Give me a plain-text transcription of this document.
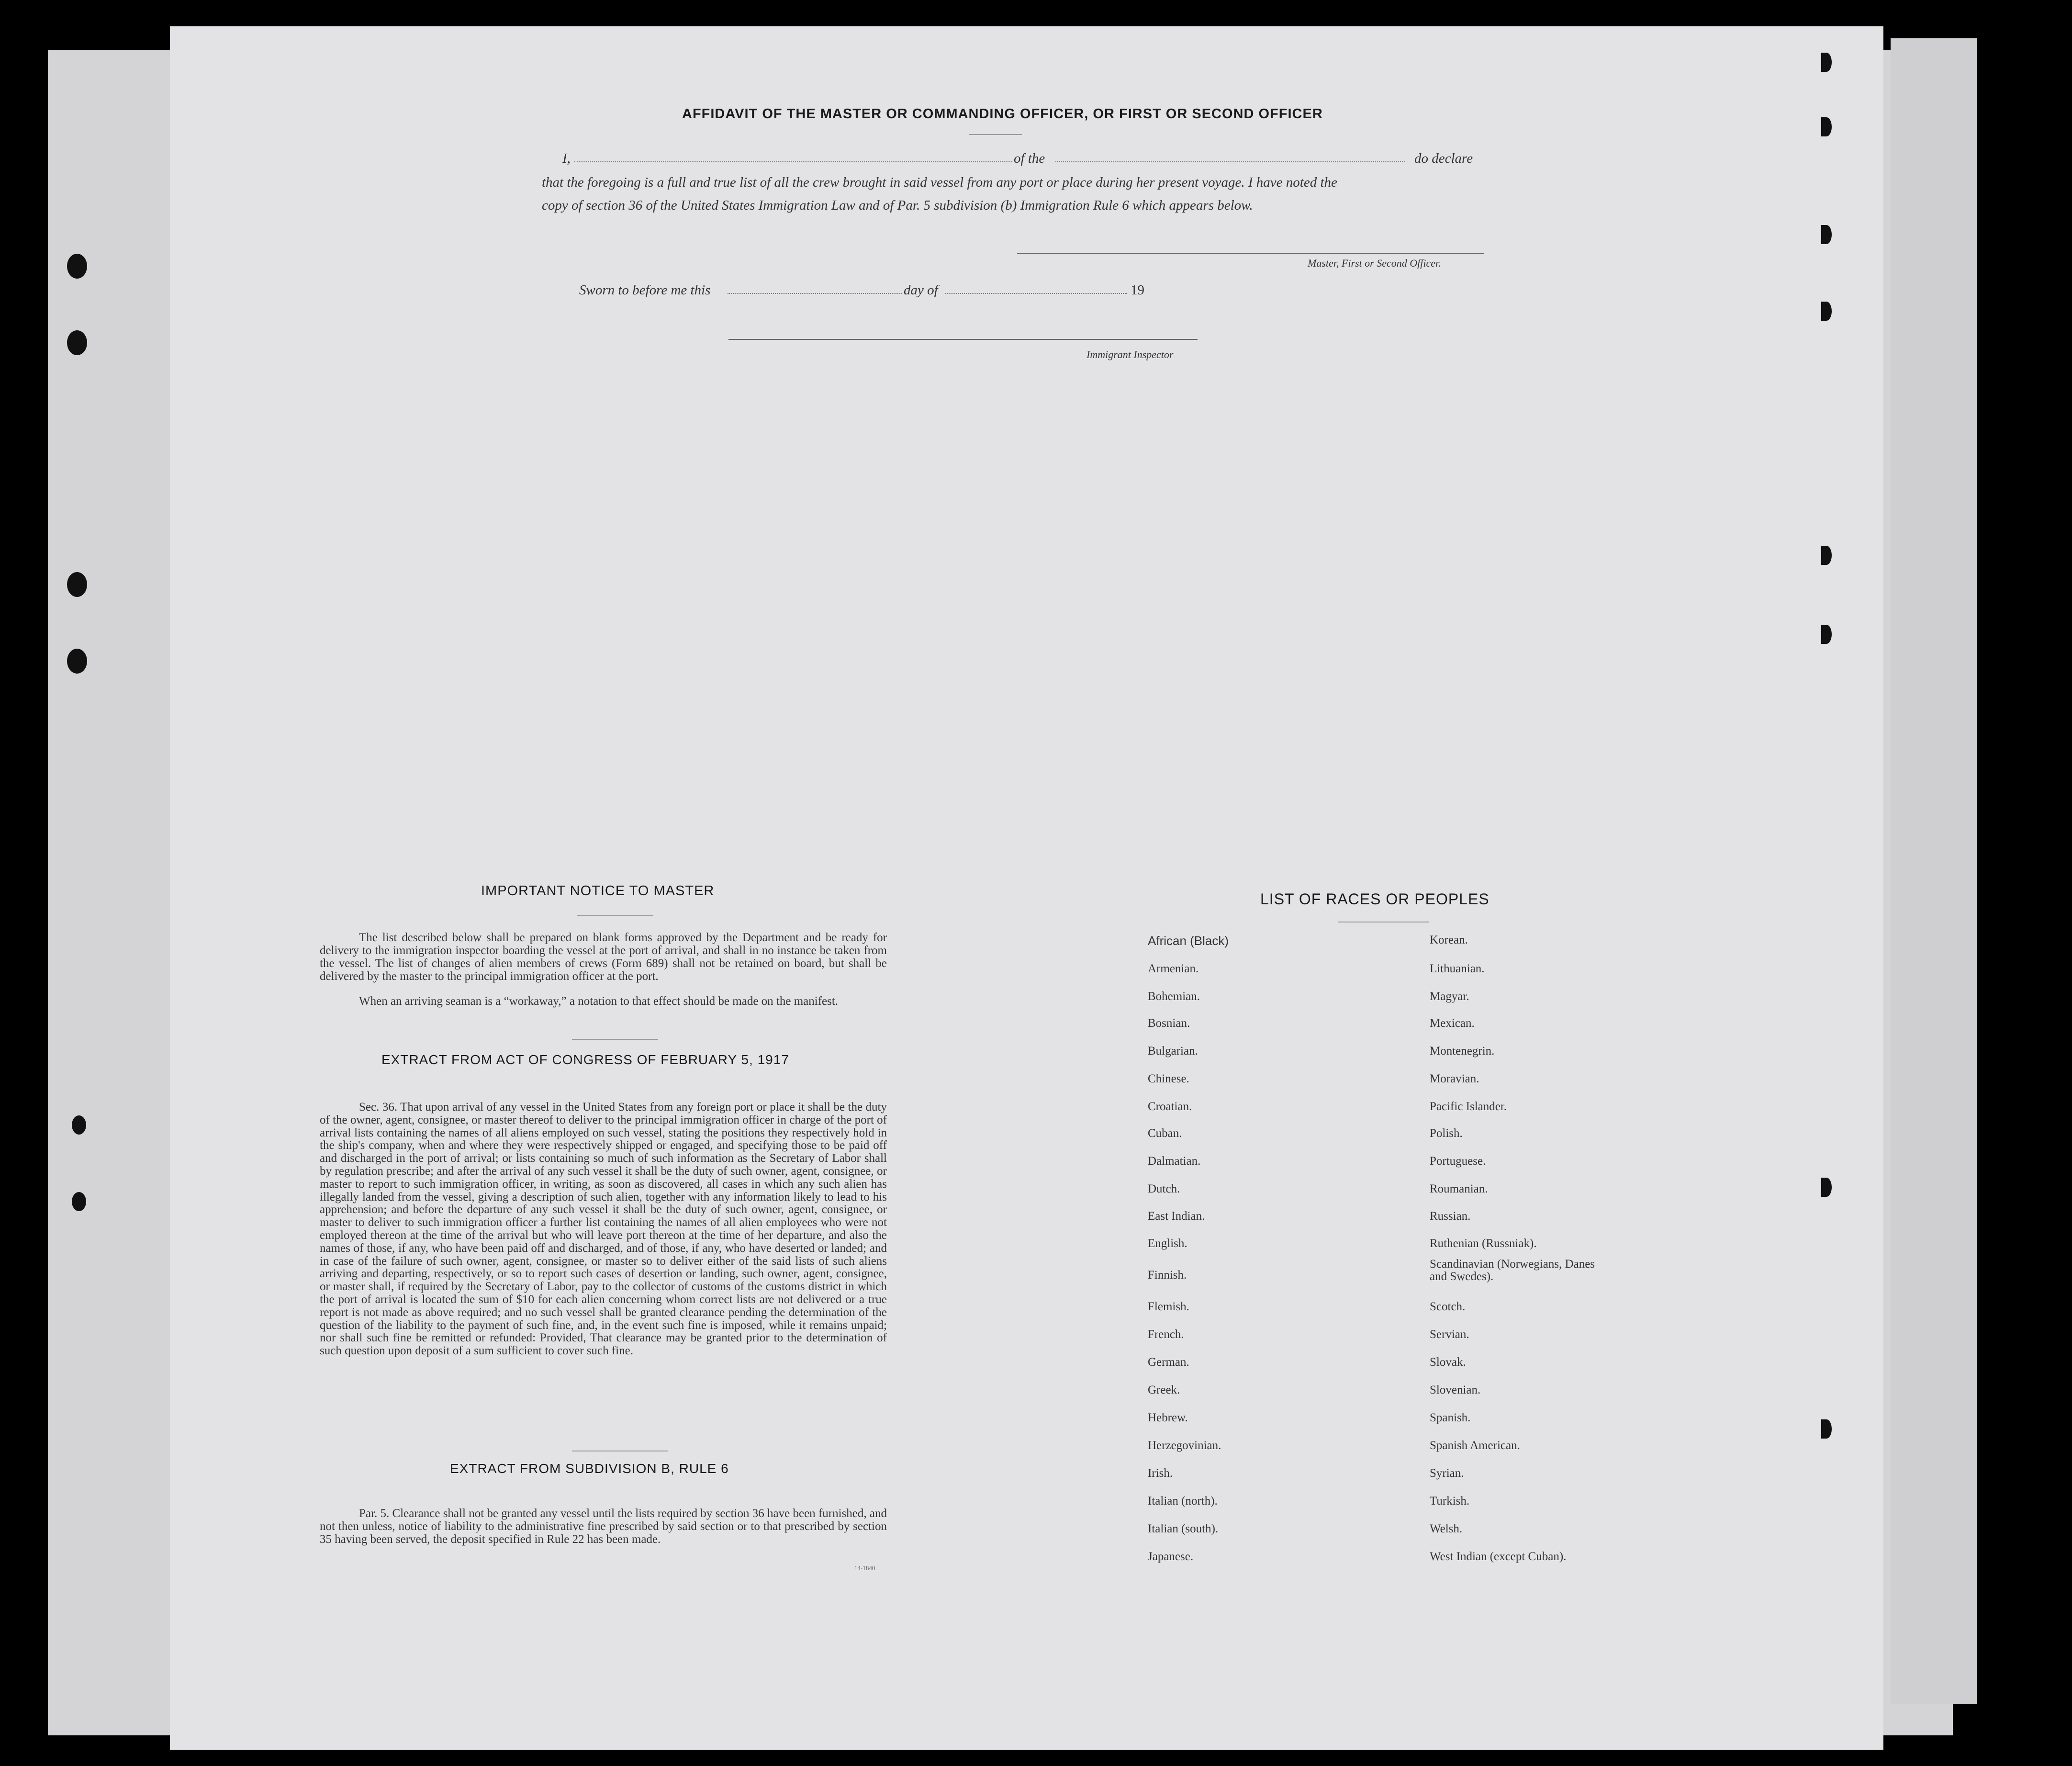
AFFIDAVIT OF THE MASTER OR COMMANDING OFFICER, OR FIRST OR SECOND OFFICER
I,	of the	do declare
that the foregoing is a full and true list of all the crew brought in said vessel from any port or place during her present voyage. I have noted the
copy of section 36 of the United States Immigration Law and of Par. 5 subdivision (b) Immigration Rule 6 which appears below.
Master, First or Second Officer.
Sworn to before me this	day of	19
Immigrant Inspector
IMPORTANT NOTICE TO MASTER
The list described below shall be prepared on blank forms approved by the Department and be ready for delivery to the immigration inspector boarding the vessel at the port of arrival, and shall in no instance be taken from the vessel. The list of changes of alien members of crews (Form 689) shall not be retained on board, but shall be delivered by the master to the principal immigration officer at the port.
When an arriving seaman is a “workaway,” a notation to that effect should be made on the manifest.
EXTRACT FROM ACT OF CONGRESS OF FEBRUARY 5, 1917
Sec. 36. That upon arrival of any vessel in the United States from any foreign port or place it shall be the duty of the owner, agent, consignee, or master thereof to deliver to the principal immigration officer in charge of the port of arrival lists containing the names of all aliens employed on such vessel, stating the positions they respectively hold in the ship's company, when and where they were respectively shipped or engaged, and specifying those to be paid off and discharged in the port of arrival; or lists containing so much of such information as the Secretary of Labor shall by regulation prescribe; and after the arrival of any such vessel it shall be the duty of such owner, agent, consignee, or master to report to such immigration officer, in writing, as soon as discovered, all cases in which any such alien has illegally landed from the vessel, giving a description of such alien, together with any information likely to lead to his apprehension; and before the departure of any such vessel it shall be the duty of such owner, agent, consignee, or master to deliver to such immigration officer a further list containing the names of all alien employees who were not employed thereon at the time of the arrival but who will leave port thereon at the time of her departure, and also the names of those, if any, who have been paid off and discharged, and of those, if any, who have deserted or landed; and in case of the failure of such owner, agent, consignee, or master so to deliver either of the said lists of such aliens arriving and departing, respectively, or so to report such cases of desertion or landing, such owner, agent, consignee, or master shall, if required by the Secretary of Labor, pay to the collector of customs of the customs district in which the port of arrival is located the sum of $10 for each alien concerning whom correct lists are not delivered or a true report is not made as above required; and no such vessel shall be granted clearance pending the determination of the question of the liability to the payment of such fine, and, in the event such fine is imposed, while it remains unpaid; nor shall such fine be remitted or refunded: Provided, That clearance may be granted prior to the determination of such question upon deposit of a sum sufficient to cover such fine.
EXTRACT FROM SUBDIVISION B, RULE 6
Par. 5. Clearance shall not be granted any vessel until the lists required by section 36 have been furnished, and not then unless, notice of liability to the administrative fine prescribed by said section or to that prescribed by section 35 having been served, the deposit specified in Rule 22 has been made.
14-1840
LIST OF RACES OR PEOPLES
African (Black)
Armenian.
Bohemian.
Bosnian.
Bulgarian.
Chinese.
Croatian.
Cuban.
Dalmatian.
Dutch.
East Indian.
English.
Finnish.
Flemish.
French.
German.
Greek.
Hebrew.
Herzegovinian.
Irish.
Italian (north).
Italian (south).
Japanese.
Korean.
Lithuanian.
Magyar.
Mexican.
Montenegrin.
Moravian.
Pacific Islander.
Polish.
Portuguese.
Roumanian.
Russian.
Ruthenian (Russniak).
Scandinavian (Norwegians, Danes and Swedes).
Scotch.
Servian.
Slovak.
Slovenian.
Spanish.
Spanish American.
Syrian.
Turkish.
Welsh.
West Indian (except Cuban).
